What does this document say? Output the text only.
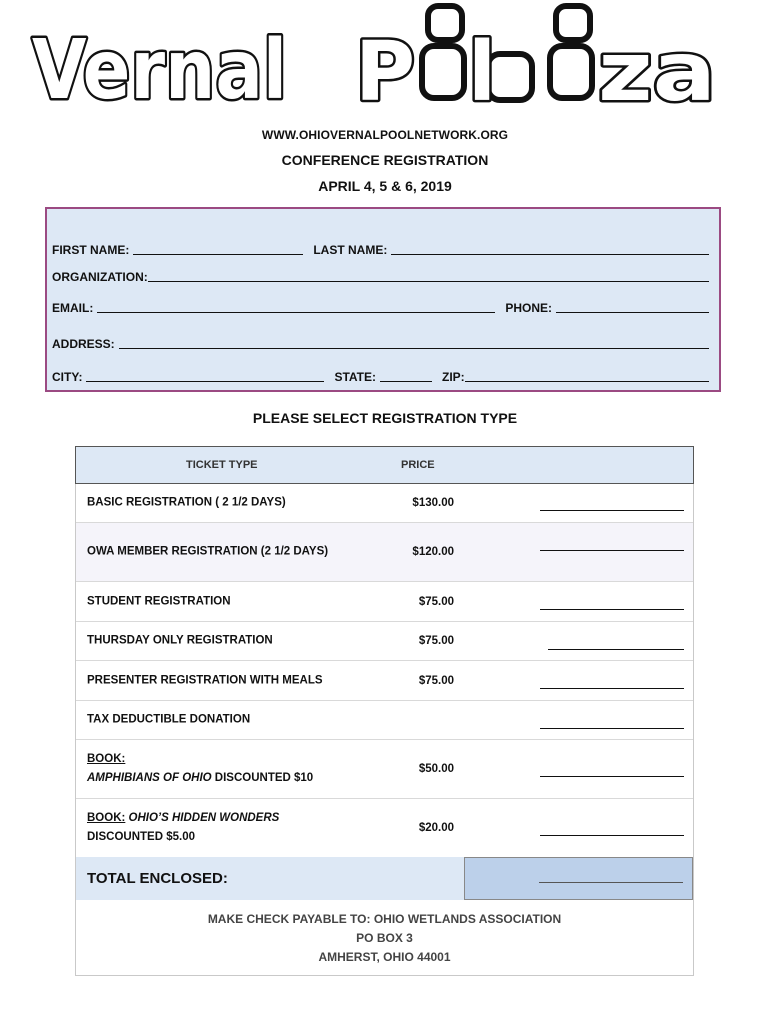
Vernal P l za
WWW.OHIOVERNALPOOLNETWORK.ORG
CONFERENCE REGISTRATION
APRIL 4, 5 & 6, 2019
FIRST NAME:	LAST NAME:
ORGANIZATION:
EMAIL:	PHONE:
ADDRESS:
CITY:	STATE:	ZIP:
PLEASE SELECT REGISTRATION TYPE
TICKET TYPE	PRICE
BASIC REGISTRATION ( 2 1/2 DAYS)	$130.00
OWA MEMBER REGISTRATION (2 1/2 DAYS)	$120.00
STUDENT REGISTRATION	$75.00
THURSDAY ONLY REGISTRATION	$75.00
PRESENTER REGISTRATION WITH MEALS	$75.00
TAX DEDUCTIBLE DONATION
BOOK:
AMPHIBIANS OF OHIO DISCOUNTED $10
$50.00
BOOK: OHIO’S HIDDEN WONDERS
DISCOUNTED $5.00
$20.00
TOTAL ENCLOSED:
MAKE CHECK PAYABLE TO: OHIO WETLANDS ASSOCIATION
PO BOX 3
AMHERST, OHIO 44001
